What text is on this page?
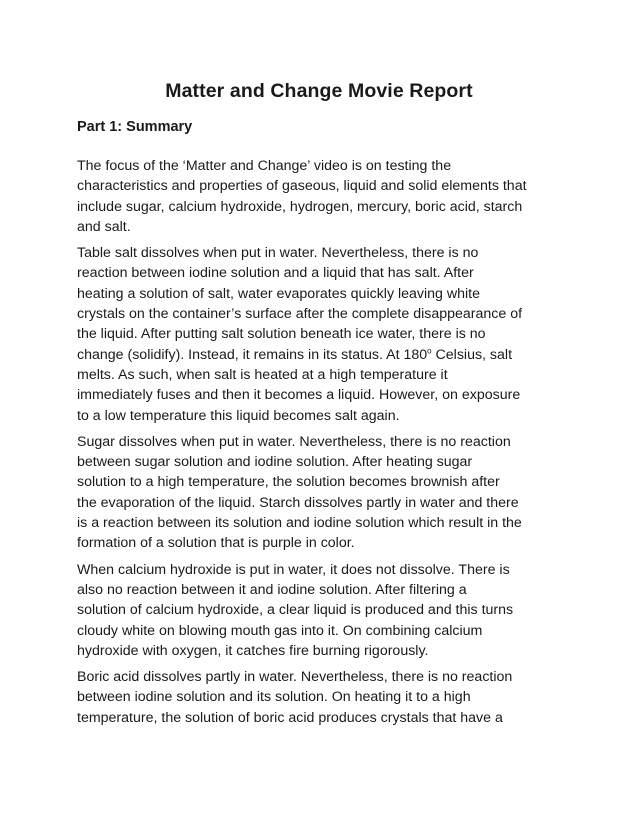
Matter and Change Movie Report
Part 1: Summary

The focus of the ‘Matter and Change’ video is on testing the
characteristics and properties of gaseous, liquid and solid elements that
include sugar, calcium hydroxide, hydrogen, mercury, boric acid, starch
and salt.

Table salt dissolves when put in water. Nevertheless, there is no
reaction between iodine solution and a liquid that has salt. After
heating a solution of salt, water evaporates quickly leaving white
crystals on the container’s surface after the complete disappearance of
the liquid. After putting salt solution beneath ice water, there is no
change (solidify). Instead, it remains in its status. At 180$^o$ Celsius, salt
melts. As such, when salt is heated at a high temperature it
immediately fuses and then it becomes a liquid. However, on exposure
to a low temperature this liquid becomes salt again.

Sugar dissolves when put in water. Nevertheless, there is no reaction
between sugar solution and iodine solution. After heating sugar
solution to a high temperature, the solution becomes brownish after
the evaporation of the liquid. Starch dissolves partly in water and there
is a reaction between its solution and iodine solution which result in the
formation of a solution that is purple in color.

When calcium hydroxide is put in water, it does not dissolve. There is
also no reaction between it and iodine solution. After filtering a
solution of calcium hydroxide, a clear liquid is produced and this turns
cloudy white on blowing mouth gas into it. On combining calcium
hydroxide with oxygen, it catches fire burning rigorously.

Boric acid dissolves partly in water. Nevertheless, there is no reaction
between iodine solution and its solution. On heating it to a high
temperature, the solution of boric acid produces crystals that have a
